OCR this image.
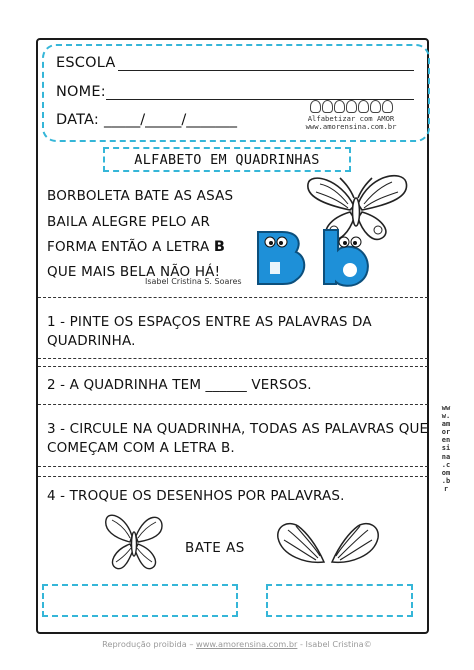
ESCOLA
NOME:
DATA: _____/_____/_______	Alfabetizar com AMOR
www.amorensina.com.br
ALFABETO EM QUADRINHAS
BORBOLETA BATE AS ASAS
BAILA ALEGRE PELO AR
FORMA ENTÃO A LETRA B
QUE MAIS BELA NÃO HÁ!
Isabel Cristina S. Soares
1 - PINTE OS ESPAÇOS ENTRE AS PALAVRAS DA
QUADRINHA.
2 - A QUADRINHA TEM ______ VERSOS.
3 - CIRCULE NA QUADRINHA, TODAS AS PALAVRAS QUE
COMEÇAM COM A LETRA B.
4 - TROQUE OS DESENHOS POR PALAVRAS.
BATE AS
www.amorensina.com.br
Reprodução proibida – www.amorensina.com.br - Isabel Cristina©
